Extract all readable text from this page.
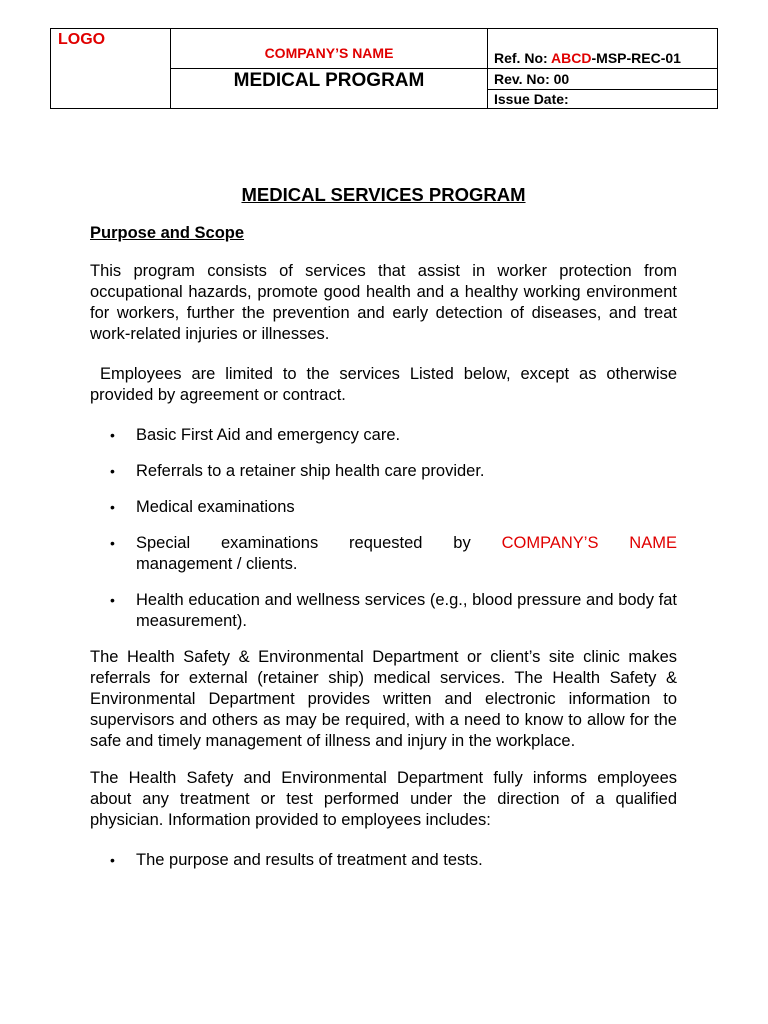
LOGO	COMPANY’S NAME	Ref. No: ABCD-MSP-REC-01

	MEDICAL PROGRAM	Rev. No: 00
		Issue Date:
MEDICAL SERVICES PROGRAM
Purpose and Scope

This program consists of services that assist in worker protection from occupational hazards, promote good health and a healthy working environment for workers, further the prevention and early detection of diseases, and treat work-related injuries or illnesses.

Employees are limited to the services Listed below, except as otherwise provided by agreement or contract.

• Basic First Aid and emergency care.
• Referrals to a retainer ship health care provider.
• Medical examinations
• Special examinations requested by COMPANY’S NAME
management / clients.
• Health education and wellness services (e.g., blood pressure and body fat measurement).

The Health Safety & Environmental Department or client’s site clinic makes referrals for external (retainer ship) medical services. The Health Safety & Environmental Department provides written and electronic information to supervisors and others as may be required, with a need to know to allow for the safe and timely management of illness and injury in the workplace.

The Health Safety and Environmental Department fully informs employees about any treatment or test performed under the direction of a qualified physician. Information provided to employees includes:

• The purpose and results of treatment and tests.
